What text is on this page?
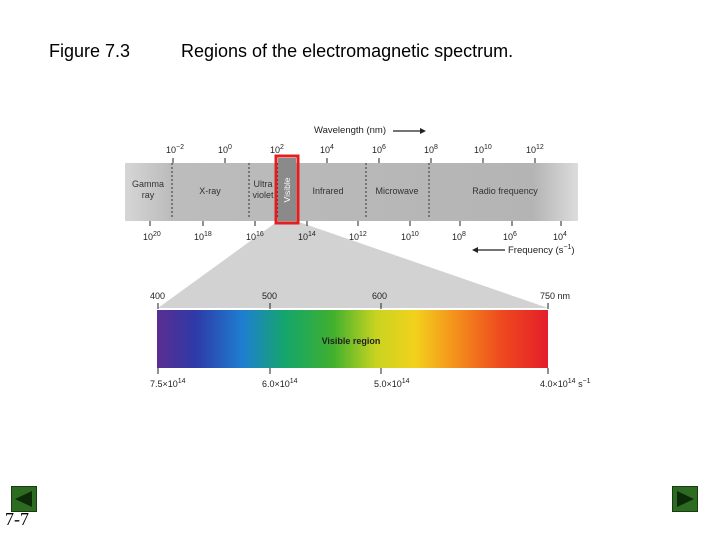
Figure 7.3	Regions of the electromagnetic spectrum.
Wavelength (nm)
$10^{-2}$	$10^0$	$10^2$	$10^4$	$10^6$	$10^8$	$10^{10}$	$10^{12}$
Gamma ray	X-ray
Ultra violet	Infrared	Microwave	Radio frequency
Visible
$10^{20}$	$10^{18}$	$10^{16}$	$10^{14}$	$10^{12}$	$10^{10}$	$10^8$	$10^6$	$10^4$
Frequency $(s^{-1})$
400	500	600	750 nm
Visible region
$7.5\times 10^{14}$	$6.0\times 10^{14}$	$5.0\times 10^{14}$	$4.0\times 10^{14}$ $s^{-1}$
7-7
